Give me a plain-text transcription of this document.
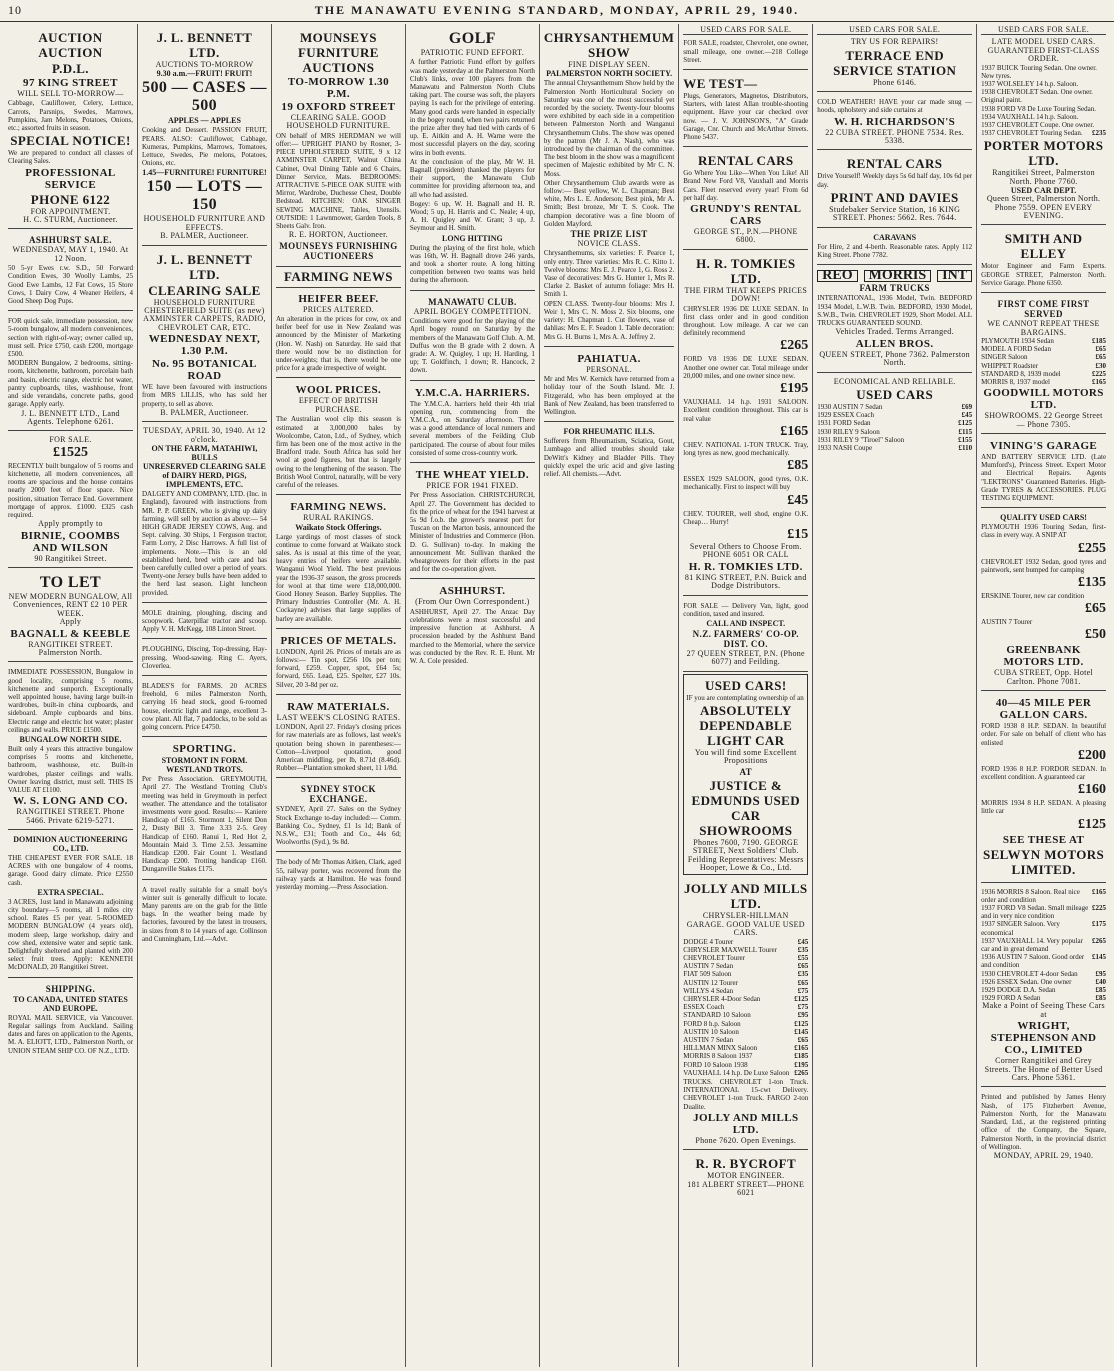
10	THE MANAWATU EVENING STANDARD, MONDAY, APRIL 29, 1940.
AUCTION AUCTION
P.D.L.
97 KING STREET
WILL SELL TO-MORROW—
Cabbage, Cauliflower, Celery, Lettuce, Carrots, Parsnips, Swedes, Marrows, Pumpkins, Jam Melons, Potatoes, Onions, etc.; assorted fruits in season.
SPECIAL NOTICE!
We are prepared to conduct all classes of Clearing Sales.
PROFESSIONAL SERVICE
PHONE 6122
FOR APPOINTMENT.
H. C. STURM, Auctioneer.
ASHHURST SALE.
WEDNESDAY, MAY 1, 1940. At 12 Noon.
50 5-yr Ewes r.w. S.D., 50 Forward Condition Ewes, 30 Woolly Lambs, 25 Good Ewe Lambs, 12 Fat Cows, 15 Store Cows, 1 Dairy Cow, 4 Weaner Heifers, 4 Good Sheep Dog Pups.
FOR quick sale, immediate possession, new 5-room bungalow, all modern conveniences, section with right-of-way; owner called up, must sell. Price £750, cash £200, mortgage £500.
MODERN Bungalow, 2 bedrooms, sitting-room, kitchenette, bathroom, porcelain bath and basin, electric range, electric hot water, pantry cupboards, tiles, washhouse, front and side verandahs, concrete paths, good garage. Apply early.
J. L. BENNETT LTD., Land Agents. Telephone 6261.
FOR SALE.
£1525
RECENTLY built bungalow of 5 rooms and kitchenette, all modern conveniences, all rooms are spacious and the house contains nearly 2000 feet of floor space. Nice position, situation Terrace End. Government mortgage of approx. £1000. £325 cash required.
Apply promptly to
BIRNIE, COOMBS AND WILSON
90 Rangitikei Street.
TO LET
NEW MODERN BUNGALOW, All Conveniences, RENT £2 10 PER WEEK.
Apply
BAGNALL & KEEBLE
RANGITIKEI STREET. Palmerston North.
IMMEDIATE POSSESSION, Bungalow in good locality, comprising 5 rooms, kitchenette and sunporch. Exceptionally well appointed house, having large built-in wardrobes, built-in china cupboards, and sideboard. Ample cupboards and bins. Electric range and electric hot water; plaster ceilings and walls. PRICE £1500.
BUNGALOW NORTH SIDE.
Built only 4 years this attractive bungalow comprises 5 rooms and kitchenette, bathroom, washhouse, etc. Built-in wardrobes, plaster ceilings and walls. Owner leaving district, must sell. THIS IS VALUE AT £1100.
W. S. LONG AND CO.
RANGITIKEI STREET. Phone 5466. Private 6219-5271.
DOMINION AUCTIONEERING CO., LTD.
THE CHEAPEST EVER FOR SALE. 18 ACRES with one bungalow of 4 rooms, garage. Good dairy climate. Price £2550 cash.
EXTRA SPECIAL.
3 ACRES, 1ust land in Manawatu adjoining city boundary—5 rooms, all 1 miles city school. Rates £5 per year. 5-ROOMED MODERN BUNGALOW (4 years old), modern sleep, large workshop, dairy and cow shed, extensive water and septic tank. Delightfully sheltered and planted with 200 select fruit trees. Apply: KENNETH McDONALD, 20 Rangitikei Street.
SHIPPING.
TO CANADA, UNITED STATES AND EUROPE.
ROYAL MAIL SERVICE, via Vancouver. Regular sailings from Auckland. Sailing dates and fares on application to the Agents, M. A. ELIOTT, LTD., Palmerston North, or UNION STEAM SHIP CO. OF N.Z., LTD.
J. L. BENNETT LTD.
AUCTIONS TO-MORROW
9.30 a.m.—FRUIT! FRUIT!
500 — CASES — 500
APPLES — APPLES
Cooking and Dessert. PASSION FRUIT, PEARS. ALSO: Cauliflower, Cabbage, Kumeras, Pumpkins, Marrows, Tomatoes, Lettuce, Swedes, Pie melons, Potatoes, Onions, etc.
1.45—FURNITURE! FURNITURE!
150 — LOTS — 150
HOUSEHOLD FURNITURE AND EFFECTS.
B. PALMER, Auctioneer.
J. L. BENNETT LTD.
CLEARING SALE
HOUSEHOLD FURNITURE CHESTERFIELD SUITE (as new) AXMINSTER CARPETS, RADIO, CHEVROLET CAR, ETC.
WEDNESDAY NEXT, 1.30 P.M.
No. 95 BOTANICAL ROAD
WE have been favoured with instructions from MRS LILLIS, who has sold her property, to sell as above.
B. PALMER, Auctioneer.
TUESDAY, APRIL 30, 1940. At 12 o'clock.
ON THE FARM, MATAHIWI, BULLS
UNRESERVED CLEARING SALE of DAIRY HERD, PIGS, IMPLEMENTS, ETC.
DALGETY AND COMPANY, LTD. (Inc. in England), favoured with instructions from MR. P. P. GREEN, who is giving up dairy farming, will sell by auction as above:— 54 HIGH GRADE JERSEY COWS, Aug. and Sept. calving. 30 Ships, 1 Ferguson tractor, Farm Lorry, 2 Disc Harrows. A full list of implements. Note.—This is an old established herd, bred with care and has been carefully culled over a period of years. Twenty-one Jersey bulls have been added to the herd last season. Light luncheon provided.
MOLE draining, ploughing, discing and scoopwork. Caterpillar tractor and scoop. Apply V. H. McKegg, 108 Linton Street.
PLOUGHING, Discing, Top-dressing, Hay-pressing, Wood-sawing. Ring C. Ayers, Cloverlea.
BLADES'S for FARMS. 20 ACRES freehold, 6 miles Palmerston North, carrying 16 head stock, good 6-roomed house, electric light and range, excellent 3-cow plant. All flat, 7 paddocks, to be sold as going concern. Price £4750.
SPORTING.
STORMONT IN FORM.
WESTLAND TROTS.
Per Press Association. GREYMOUTH, April 27. The Westland Trotting Club's meeting was held in Greymouth in perfect weather. The attendance and the totalisator investments were good. Results:— Kaniere Handicap of £165. Stormont 1, Silent Don 2, Dusty Bill 3. Time 3.33 2-5. Grey Handicap of £160. Ranui 1, Red Hot 2, Mountain Maid 3. Time 2.53. Jessamine Handicap £200. Fair Count 1. Westland Handicap £200. Trotting handicap £160. Dunganville Stakes £175.
A travel really suitable for a small boy's winter suit is generally difficult to locate. Many parents are on the grab for the little bags. In the weather being made by factories, favoured by the latest in trousers, in sizes from 8 to 14 years of age. Collinson and Cunningham, Ltd.—Advt.
MOUNSEYS FURNITURE AUCTIONS
TO-MORROW 1.30 P.M.
19 OXFORD STREET
CLEARING SALE. GOOD HOUSEHOLD FURNITURE.
ON behalf of MRS HERDMAN we will offer:— UPRIGHT PIANO by Rosner, 3-PIECE UPHOLSTERED SUITE, 9 x 12 AXMINSTER CARPET, Walnut China Cabinet, Oval Dining Table and 6 Chairs, Dinner Service, Mats. BEDROOMS: ATTRACTIVE 5-PIECE OAK SUITE with Mirror, Wardrobe, Duchesse Chest, Double Bedstead. KITCHEN: OAK SINGER SEWING MACHINE, Tables, Utensils. OUTSIDE: 1 Lawnmower, Garden Tools, 8 Sheets Galv. Iron.
R. E. HORTON, Auctioneer.
MOUNSEYS FURNISHING AUCTIONEERS
FARMING NEWS
HEIFER BEEF.
PRICES ALTERED.
An alteration in the prices for cow, ox and heifer beef for use in New Zealand was announced by the Minister of Marketing (Hon. W. Nash) on Saturday. He said that there would now be no distinction for under-weights; that is, there would be one price for a grade irrespective of weight.
WOOL PRICES.
EFFECT OF BRITISH PURCHASE.
The Australian wool clip this season is estimated at 3,000,000 bales by Woolcombe, Caton, Ltd., of Sydney, which firm has been one of the most active in the Bradford trade. South Africa has sold her wool at good figures, but that is largely owing to the lengthening of the season. The British Wool Control, naturally, will be very careful of the releases.
FARMING NEWS.
RURAL RAKINGS.
Waikato Stock Offerings.
Large yardings of most classes of stock continue to come forward at Waikato stock sales. As is usual at this time of the year, heavy entries of heifers were available. Wanganui Wool Yield. The best previous year the 1936-37 season, the gross proceeds for wool at that time were £18,000,000. Good Honey Season. Barley Supplies. The Primary Industries Controller (Mr. A. H. Cockayne) advises that large supplies of barley are available.
PRICES OF METALS.
LONDON, April 26. Prices of metals are as follows:— Tin spot, £256 10s per ton; forward, £259. Copper, spot, £64 5s; forward, £65. Lead, £25. Spelter, £27 10s. Silver, 20 3-8d per oz.
RAW MATERIALS.
LAST WEEK'S CLOSING RATES.
LONDON, April 27. Friday's closing prices for raw materials are as follows, last week's quotation being shown in parentheses:— Cotton—Liverpool quotation, good American middling, per lb, 8.71d (8.46d). Rubber—Plantation smoked sheet, 11 1/8d.
SYDNEY STOCK EXCHANGE.
SYDNEY, April 27. Sales on the Sydney Stock Exchange to-day included:— Comm. Banking Co., Sydney, £1 1s 1d; Bank of N.S.W., £31; Tooth and Co., 44s 6d; Woolworths (Syd.), 9s 8d.
The body of Mr Thomas Aitken, Clark, aged 55, railway porter, was recovered from the railway yards at Hamilton. He was found yesterday morning.—Press Association.
GOLF
PATRIOTIC FUND EFFORT.
A further Patriotic Fund effort by golfers was made yesterday at the Palmerston North Club's links, over 100 players from the Manawatu and Palmerston North Clubs taking part. The course was soft, the players paying 1s each for the privilege of entering. Many good cards were handed in especially in the bogey round, when two pairs returned the prize after they had tied with cards of 6 up. E. Aitkin and A. H. Warne were the most successful players on the day, scoring wins in both events.
At the conclusion of the play, Mr W. H. Bagnall (president) thanked the players for their support, the Manawatu Club committee for providing afternoon tea, and all who had assisted.
Bogey: 6 up, W. H. Bagnall and H. R. Wood; 5 up, H. Harris and C. Neale; 4 up, A. H. Quigley and W. Grant; 3 up, J. Seymour and H. Smith.
LONG HITTING
During the playing of the first hole, which was 16th, W. H. Bagnall drove 246 yards, and took a shorter route. A long hitting competition between two teams was held during the afternoon.
MANAWATU CLUB.
APRIL BOGEY COMPETITION.
Conditions were good for the playing of the April bogey round on Saturday by the members of the Manawatu Golf Club. A. M. Duffus won the B grade with 2 down. A grade: A. W. Quigley, 1 up; H. Harding, 1 up; T. Goldfinch, 1 down; R. Hancock, 2 down.
Y.M.C.A. HARRIERS.
The Y.M.C.A. harriers held their 4th trial opening run, commencing from the Y.M.C.A., on Saturday afternoon. There was a good attendance of local runners and several members of the Feilding Club participated. The course of about four miles consisted of some cross-country work.
THE WHEAT YIELD.
PRICE FOR 1941 FIXED.
Per Press Association. CHRISTCHURCH, April 27. The Government has decided to fix the price of wheat for the 1941 harvest at 5s 9d f.o.b. the grower's nearest port for Tuscan on the Marton basis, announced the Minister of Industries and Commerce (Hon. D. G. Sullivan) to-day. In making the announcement Mr. Sullivan thanked the wheatgrowers for their efforts in the past and for the co-operation given.
ASHHURST.
(From Our Own Correspondent.)
ASHHURST, April 27. The Anzac Day celebrations were a most successful and impressive function at Ashhurst. A procession headed by the Ashhurst Band marched to the Memorial, where the service was conducted by the Rev. R. E. Hunt. Mr W. A. Cole presided.
CHRYSANTHEMUM SHOW
FINE DISPLAY SEEN.
PALMERSTON NORTH SOCIETY.
The annual Chrysanthemum Show held by the Palmerston North Horticultural Society on Saturday was one of the most successful yet recorded by the society. Twenty-four blooms were exhibited by each side in a competition between Palmerston North and Wanganui Chrysanthemum Clubs. The show was opened by the patron (Mr J. A. Nash), who was introduced by the chairman of the committee. The best bloom in the show was a magnificent specimen of Majestic exhibited by Mr C. N. Moss.
Other Chrysanthemum Club awards were as follow:— Best yellow, W. L. Chapman; Best white, Mrs L. E. Anderson; Best pink, Mr A. Smith; Best bronze, Mr T. S. Cook. The champion decorative was a fine bloom of Golden Mayford.
THE PRIZE LIST
NOVICE CLASS.
Chrysanthemums, six varieties: F. Pearce 1, only entry. Three varieties: Mrs R. C. Kitto 1. Twelve blooms: Mrs E. J. Pearce 1, G. Ross 2. Vase of decoratives: Mrs G. Hunter 1, Mrs R. Clarke 2. Basket of autumn foliage: Mrs H. Smith 1.
OPEN CLASS. Twenty-four blooms: Mrs J. Weir 1, Mrs C. N. Moss 2. Six blooms, one variety: H. Chapman 1. Cut flowers, vase of dahlias: Mrs E. F. Seadon 1. Table decoration: Mrs G. H. Burns 1, Mrs A. A. Jeffrey 2.
PAHIATUA.
PERSONAL.
Mr and Mrs W. Kernick have returned from a holiday tour of the South Island. Mr. J. Fitzgerald, who has been employed at the Bank of New Zealand, has been transferred to Wellington.
FOR RHEUMATIC ILLS.
Sufferers from Rheumatism, Sciatica, Gout, Lumbago and allied troubles should take DeWitt's Kidney and Bladder Pills. They quickly expel the uric acid and give lasting relief. All chemists.—Advt.
USED CARS FOR SALE.
FOR SALE, roadster, Chevrolet, one owner, small mileage, one owner.—218 College Street.
WE TEST—
Plugs, Generators, Magnetos, Distributors, Starters, with latest Allan trouble-shooting equipment. Have your car checked over now. — J. V. JOHNSON'S, "A" Grade Garage, Cnr. Church and McArthur Streets. Phone 5437.
RENTAL CARS
Go Where You Like—When You Like! All Brand New Ford V8, Vauxhall and Morris Cars. Fleet reserved every year! From 6d per half day.
GRUNDY'S RENTAL CARS
GEORGE ST., P.N.—PHONE 6800.
H. R. TOMKIES LTD.
THE FIRM THAT KEEPS PRICES DOWN!
CHRYSLER 1936 DE LUXE SEDAN. In first class order and in good condition throughout. Low mileage. A car we can definitely recommend
£265
FORD V8 1936 DE LUXE SEDAN. Another one owner car. Total mileage under 20,000 miles, and one owner since new.
£195
VAUXHALL 14 h.p. 1931 SALOON. Excellent condition throughout. This car is real value
£165
CHEV. NATIONAL 1-TON TRUCK. Tray, long tyres as new, good mechanically.
£85
ESSEX 1929 SALOON, good tyres, O.K. mechanically. First to inspect will buy
£45
CHEV. TOURER, well shod, engine O.K. Cheap… Hurry!
£15
Several Others to Choose From. PHONE 6051 OR CALL
H. R. TOMKIES LTD.
81 KING STREET, P.N. Buick and Dodge Distributors.
FOR SALE — Delivery Van, light, good condition, taxed and insured.
CALL AND INSPECT.
N.Z. FARMERS' CO-OP. DIST. CO.
27 QUEEN STREET, P.N. (Phone 6077) and Feilding.
USED CARS!
IF you are contemplating ownership of an
ABSOLUTELY DEPENDABLE LIGHT CAR
You will find some Excellent Propositions
AT
JUSTICE & EDMUNDS USED CAR SHOWROOMS
Phones 7600, 7190. GEORGE STREET, Next Soldiers' Club.
Feilding Representatives: Messrs Hooper, Lowe & Co., Ltd.
JOLLY AND MILLS LTD.
CHRYSLER-HILLMAN GARAGE. GOOD VALUE USED CARS.
DODGE 4 Tourer	£45
CHRYSLER MAXWELL Tourer	£35
CHEVROLET Tourer	£55
AUSTIN 7 Sedan	£65
FIAT 509 Saloon	£35
AUSTIN 12 Tourer	£65
WILLYS 4 Sedan	£75
CHRYSLER 4-Door Sedan	£125
ESSEX Coach	£75
STANDARD 10 Saloon	£95
FORD 8 h.p. Saloon	£125
AUSTIN 10 Saloon	£145
AUSTIN 7 Sedan	£65
HILLMAN MINX Saloon	£165
MORRIS 8 Saloon 1937	£185
FORD 10 Saloon 1938	£195
VAUXHALL 14 h.p. De Luxe Saloon £265
TRUCKS. CHEVROLET 1-ton Truck. INTERNATIONAL 15-cwt Delivery. CHEVROLET 1-ton Truck. FARGO 2-ton Dualite.
JOLLY AND MILLS LTD.
Phone 7620. Open Evenings.
R. R. BYCROFT
MOTOR ENGINEER.
181 ALBERT STREET—PHONE 6021
USED CARS FOR SALE.
TRY US FOR REPAIRS!
TERRACE END SERVICE STATION
Phone 6146.
COLD WEATHER! HAVE your car made snug — hoods, upholstery and side curtains at
W. H. RICHARDSON'S
22 CUBA STREET. PHONE 7534. Res. 5338.
RENTAL CARS
Drive Yourself! Weekly days 5s 6d half day, 10s 6d per day.
PRINT AND DAVIES
Studebaker Service Station, 16 KING STREET. Phones: 5662. Res. 7644.
CARAVANS
For Hire, 2 and 4-berth. Reasonable rates. Apply 112 King Street. Phone 7782.
REO	MORRIS	INT
FARM TRUCKS
INTERNATIONAL, 1936 Model, Twin. BEDFORD 1934 Model, L.W.B. Twin. BEDFORD, 1930 Model, S.W.B., Twin. CHEVROLET 1929, Short Model. ALL TRUCKS GUARANTEED SOUND.
Vehicles Traded. Terms Arranged.
ALLEN BROS.
QUEEN STREET, Phone 7362. Palmerston North.
ECONOMICAL AND RELIABLE.
USED CARS
1930 AUSTIN 7 Sedan	£69
1929 ESSEX Coach	£45
1931 FORD Sedan	£125
1930 RILEY 9 Saloon	£115
1931 RILEY 9 "Tiroel" Saloon	£155
1933 NASH Coupe	£110
USED CARS FOR SALE.
LATE MODEL USED CARS. GUARANTEED FIRST-CLASS ORDER.
1937 BUICK Touring Sedan. One owner. New tyres.
1937 WOLSELEY 14 h.p. Saloon.
1938 CHEVROLET Sedan. One owner. Original paint.
1938 FORD V8 De Luxe Touring Sedan.
1934 VAUXHALL 14 h.p. Saloon.
1937 CHEVROLET Coupe. One owner.
1937 CHEVROLET Touring Sedan. £235
PORTER MOTORS LTD.
Rangitikei Street, Palmerston North. Phone 7760.
USED CAR DEPT.
Queen Street, Palmerston North. Phone 7559. OPEN EVERY EVENING.
SMITH AND ELLEY
Motor Engineer and Farm Experts. GEORGE STREET, Palmerston North. Service Garage. Phone 6350.
FIRST COME FIRST SERVED
WE CANNOT REPEAT THESE BARGAINS.
PLYMOUTH 1934 Sedan	£185
MODEL A FORD Sedan	£65
SINGER Saloon	£65
WHIPPET Roadster	£30
STANDARD 8, 1939 model	£225
MORRIS 8, 1937 model	£165
GOODWILL MOTORS LTD.
SHOWROOMS. 22 George Street — Phone 7305.
VINING'S GARAGE
AND BATTERY SERVICE LTD. (Late Mumford's), Princess Street. Expert Motor and Electrical Repairs. Agents "LEKTRONS" Guaranteed Batteries. High-Grade TYRES & ACCESSORIES. PLUG TESTING EQUIPMENT.
QUALITY USED CARS!
PLYMOUTH 1936 Touring Sedan, first-class in every way. A SNIP AT
£255
CHEVROLET 1932 Sedan, good tyres and paintwork, sent bumped for camping
£135
ERSKINE Tourer, new car condition
£65
AUSTIN 7 Tourer
£50
GREENBANK MOTORS LTD.
CUBA STREET, Opp. Hotel Carlton. Phone 7081.
40—45 MILE PER GALLON CARS.
FORD 1938 8 H.P. SEDAN. In beautiful order. For sale on behalf of client who has enlisted
£200
FORD 1936 8 H.P. FORDOR SEDAN. In excellent condition. A guaranteed car
£160
MORRIS 1934 8 H.P. SEDAN. A pleasing little car
£125
SEE THESE AT
SELWYN MOTORS LIMITED.
1936 MORRIS 8 Saloon. Real nice order and condition
£165
1937 FORD V8 Sedan. Small mileage and in very nice condition
£225
1937 SINGER Saloon. Very economical
£175
1937 VAUXHALL 14. Very popular car and in great demand
£265
1936 AUSTIN 7 Saloon. Good order and condition
£145
1930 CHEVROLET 4-door Sedan	£95
1926 ESSEX Sedan. One owner	£40
1929 DODGE D.A. Sedan	£85
1929 FORD A Sedan	£85
Make a Point of Seeing These Cars at
WRIGHT, STEPHENSON AND CO., LIMITED
Corner Rangitikei and Grey Streets. The Home of Better Used Cars. Phone 5361.
Printed and published by James Henry Nash, of 175 Fitzherbert Avenue, Palmerston North, for the Manawatu Standard, Ltd., at the registered printing office of the Company, the Square, Palmerston North, in the provincial district of Wellington.
MONDAY, APRIL 29, 1940.
